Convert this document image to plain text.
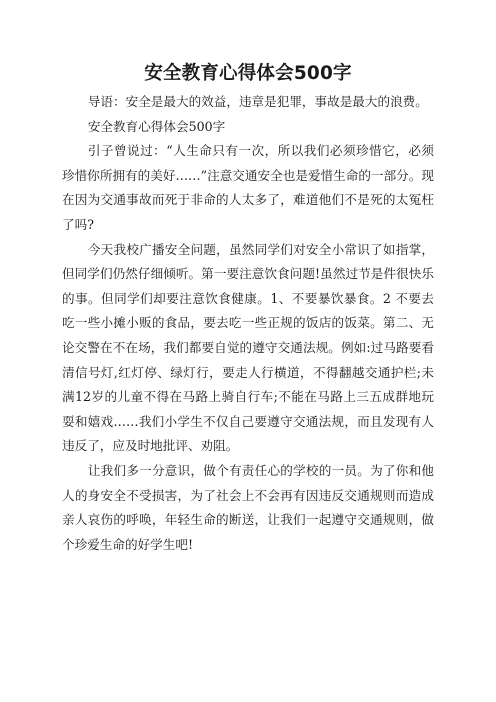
安全教育心得体会500字

导语：安全是最大的效益，违章是犯罪，事故是最大的浪费。

安全教育心得体会500字

引子曾说过：“人生命只有一次，所以我们必须珍惜它，必须珍惜你所拥有的美好……”注意交通安全也是爱惜生命的一部分。现在因为交通事故而死于非命的人太多了，难道他们不是死的太冤枉了吗?

今天我校广播安全问题，虽然同学们对安全小常识了如指掌，但同学们仍然仔细倾听。第一要注意饮食问题!虽然过节是件很快乐的事。但同学们却要注意饮食健康。1、不要暴饮暴食。2 不要去吃一些小摊小贩的食品，要去吃一些正规的饭店的饭菜。第二、无论交警在不在场，我们都要自觉的遵守交通法规。例如:过马路要看清信号灯,红灯停、绿灯行，要走人行横道，不得翻越交通护栏;未满12岁的儿童不得在马路上骑自行车;不能在马路上三五成群地玩耍和嬉戏……我们小学生不仅自己要遵守交通法规，而且发现有人违反了，应及时地批评、劝阻。

让我们多一分意识，做个有责任心的学校的一员。为了你和他人的身安全不受损害，为了社会上不会再有因违反交通规则而造成亲人哀伤的呼唤，年轻生命的断送，让我们一起遵守交通规则，做个珍爱生命的好学生吧!
